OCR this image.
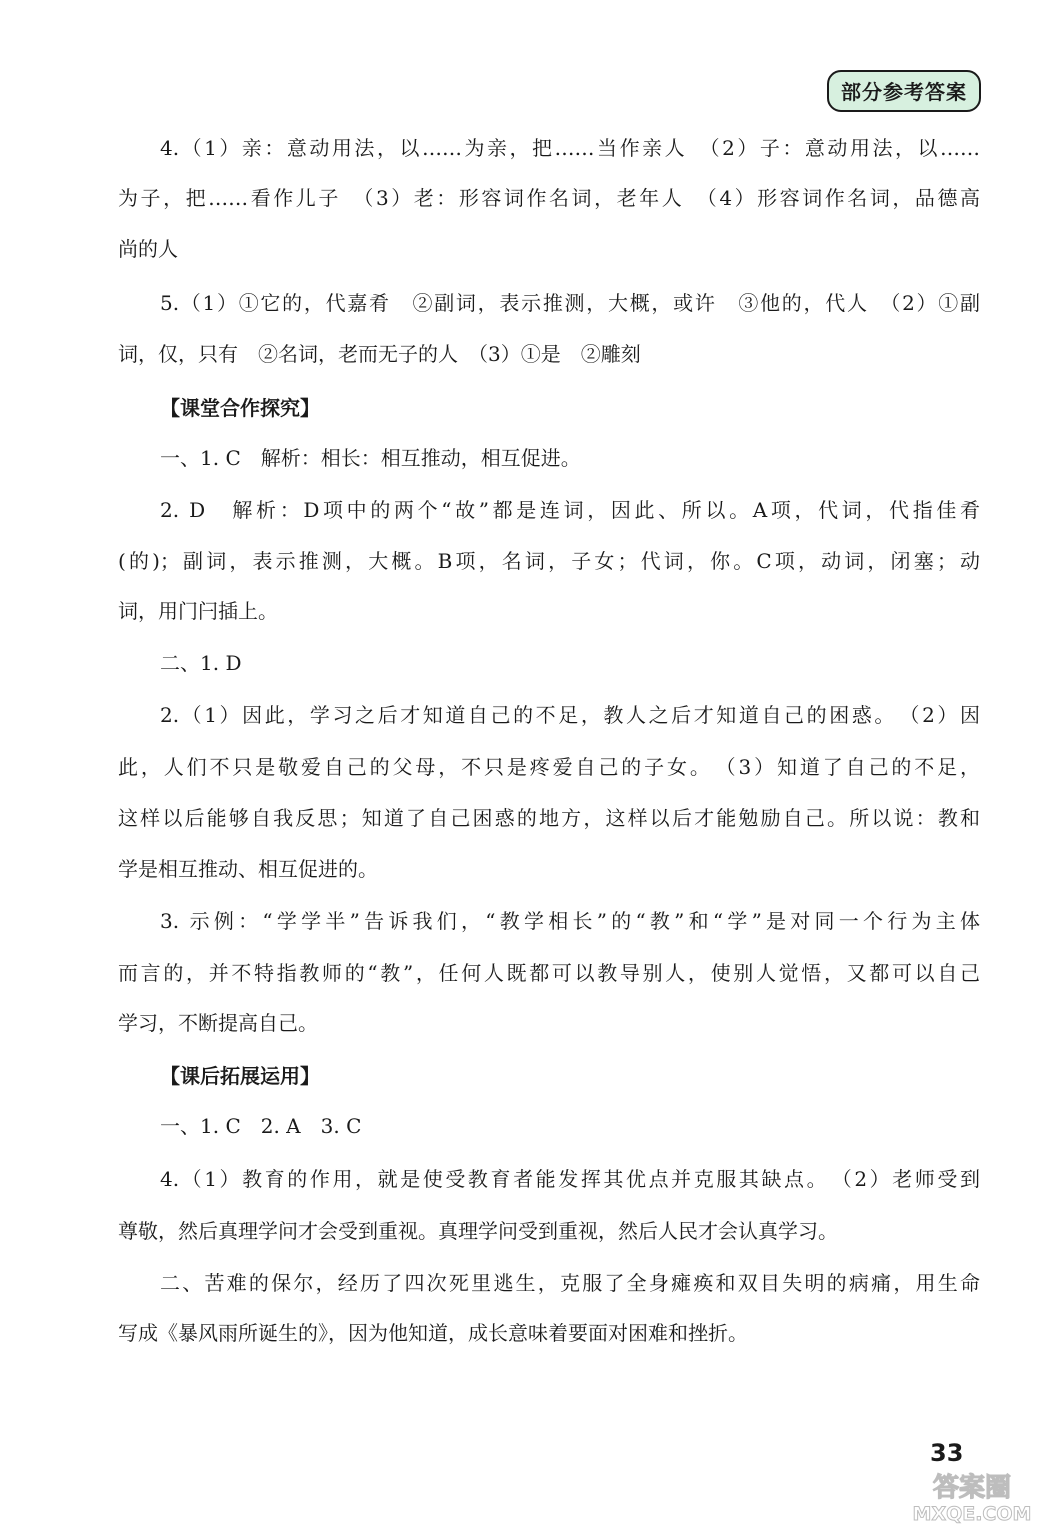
部分参考答案
4.（1）亲：意动用法，以……为亲，把……当作亲人　（2）子：意动用法，以……
为子，把……看作儿子　（3）老：形容词作名词，老年人　（4）形容词作名词，品德高
尚的人
5.（1）①它的，代嘉肴　②副词，表示推测，大概，或许　③他的，代人　（2）①副
词，仅，只有　②名词，老而无子的人　（3）①是　②雕刻
【课堂合作探究】
一、1. C　解析：相长：相互推动，相互促进。
2. D　解析：D项中的两个“故”都是连词，因此、所以。A项，代词，代指佳肴
(的)；副词，表示推测，大概。B项，名词，子女；代词，你。C项，动词，闭塞；动
词，用门闩插上。
二、1. D
2.（1）因此，学习之后才知道自己的不足，教人之后才知道自己的困惑。　（2）因
此，人们不只是敬爱自己的父母，不只是疼爱自己的子女。　（3）知道了自己的不足，
这样以后能够自我反思；知道了自己困惑的地方，这样以后才能勉励自己。所以说：教和
学是相互推动、相互促进的。
3. 示例：“学学半”告诉我们，“教学相长”的“教”和“学”是对同一个行为主体
而言的，并不特指教师的“教”，任何人既都可以教导别人，使别人觉悟，又都可以自己
学习，不断提高自己。
【课后拓展运用】
一、1. C　2. A　3. C
4.（1）教育的作用，就是使受教育者能发挥其优点并克服其缺点。　（2）老师受到
尊敬，然后真理学问才会受到重视。真理学问受到重视，然后人民才会认真学习。
二、苦难的保尔，经历了四次死里逃生，克服了全身瘫痪和双目失明的病痛，用生命
写成《暴风雨所诞生的》，因为他知道，成长意味着要面对困难和挫折。
33
答案圈
MXQE.COM
